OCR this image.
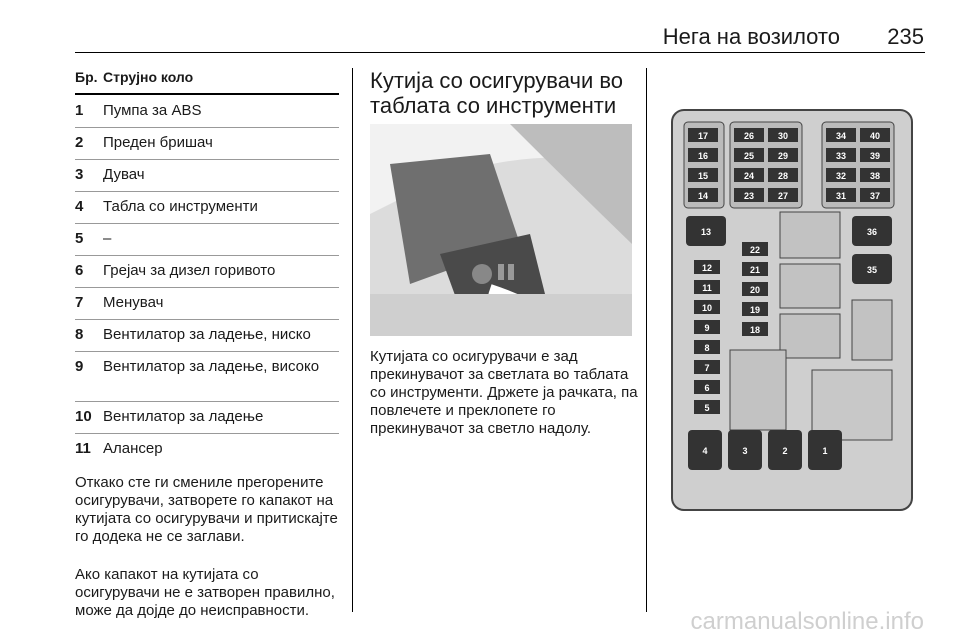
Нега на возилото 235
Бр. Струјно коло
1 Пумпа за ABS
2 Преден бришач
3 Дувач
4 Табла со инструменти
5 –
6 Грејач за дизел горивото
7 Менувач
8 Вентилатор за ладење, ниско
9 Вентилатор за ладење, високо
10 Вентилатор за ладење
11 Алансер
Откако сте ги смениле прегорените осигурувачи, затворете го капакот на кутијата со осигурувачи и притискајте го додека не се заглави.
Ако капакот на кутијата со осигурувачи не е затворен правилно, може да дојде до неисправности.
Кутија со осигурувачи во таблата со инструменти
Кутијата со осигурувачи е зад прекинувачот за светлата во таблата со инструменти. Држете ја рачката, па повлечете и преклопете го прекинувачот за светло надолу.
17
16
15
14
26
25
24
23
30
29
28
27
34
33
32
31
40
39
38
37
13	36
35
12
11
10
9
8
7
6
5
22
21
20
19
18
4	3	2	1
carmanualsonline.info
